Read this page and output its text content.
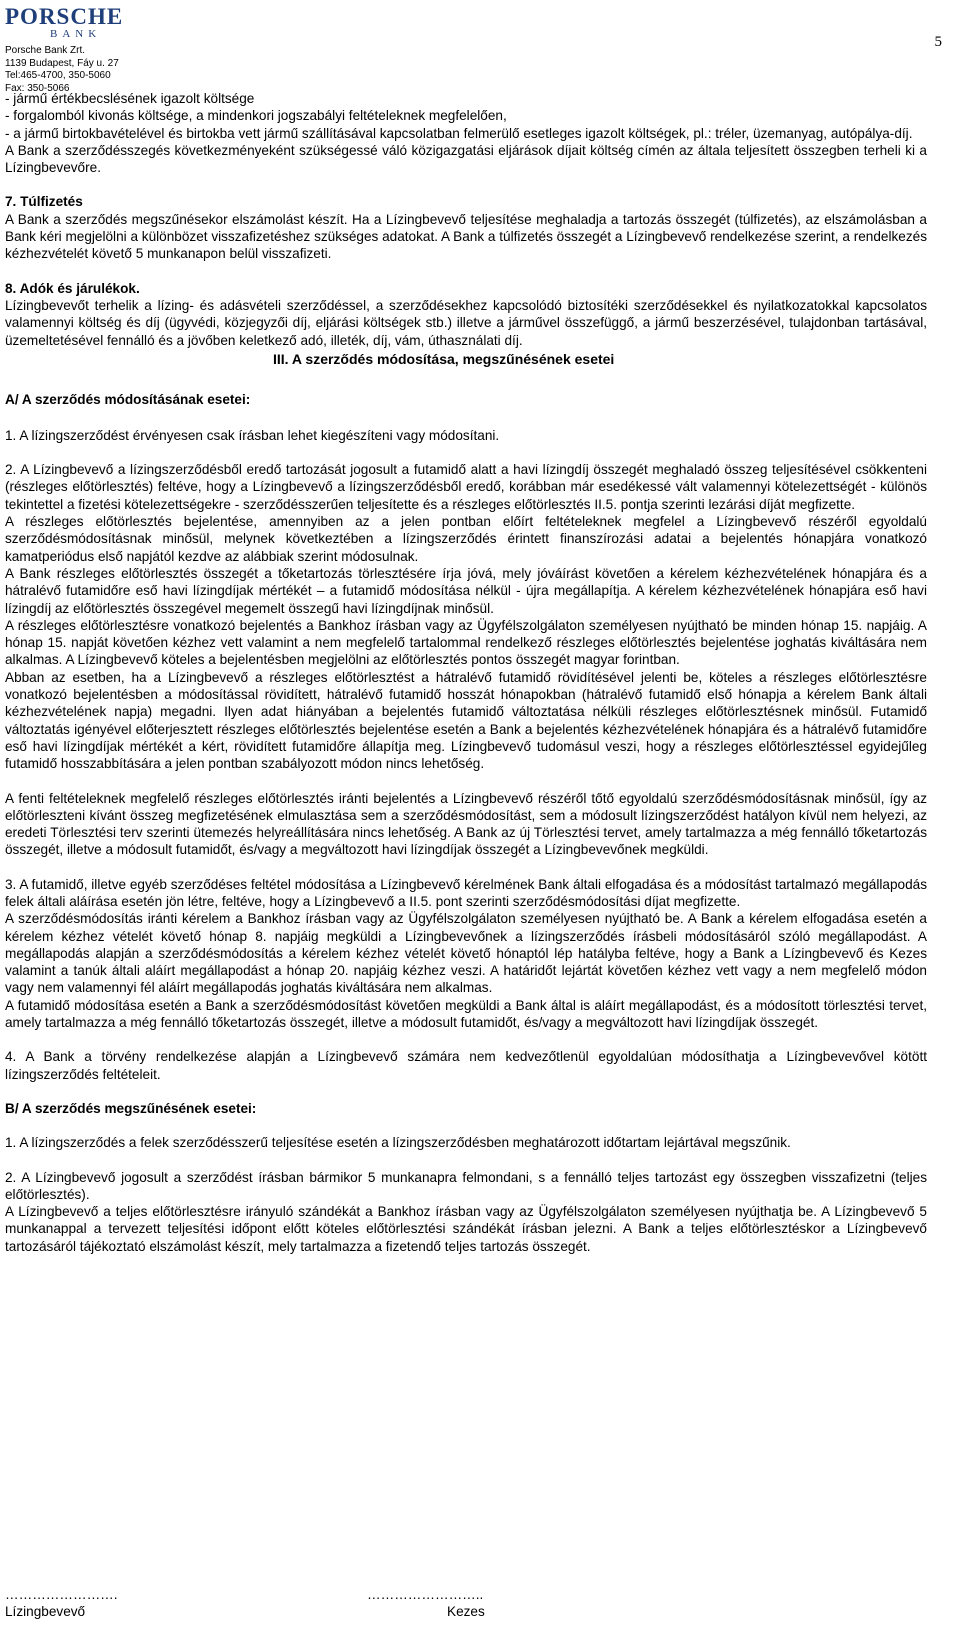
PORSCHE
BANK
Porsche Bank Zrt.
1139 Budapest, Fáy u. 27
Tel:465-4700, 350-5060
Fax: 350-5066
5

- jármű értékbecslésének igazolt költsége

- forgalomból kivonás költsége, a mindenkori jogszabályi feltételeknek megfelelően,

- a jármű birtokbavételével és birtokba vett jármű szállításával kapcsolatban felmerülő esetleges igazolt költségek, pl.: tréler, üzemanyag, autópálya-díj.

A Bank a szerződésszegés következményeként szükségessé váló közigazgatási eljárások díjait költség címén az általa teljesített összegben terheli ki a Lízingbevevőre.

7. Túlfizetés

A Bank a szerződés megszűnésekor elszámolást készít. Ha a Lízingbevevő teljesítése meghaladja a tartozás összegét (túlfizetés), az elszámolásban a Bank kéri megjelölni a különbözet visszafizetéshez szükséges adatokat. A Bank a túlfizetés összegét a Lízingbevevő rendelkezése szerint, a rendelkezés kézhezvételét követő 5 munkanapon belül visszafizeti.

8. Adók és járulékok.

Lízingbevevőt terhelik a lízing- és adásvételi szerződéssel, a szerződésekhez kapcsolódó biztosítéki szerződésekkel és nyilatkozatokkal kapcsolatos valamennyi költség és díj (ügyvédi, közjegyzői díj, eljárási költségek stb.) illetve a járművel összefüggő, a jármű beszerzésével, tulajdonban tartásával, üzemeltetésével fennálló és a jövőben keletkező adó, illeték, díj, vám, úthasználati díj.

III. A szerződés módosítása, megszűnésének esetei
A/ A szerződés módosításának esetei:

1. A lízingszerződést érvényesen csak írásban lehet kiegészíteni vagy módosítani.

2. A Lízingbevevő a lízingszerződésből eredő tartozását jogosult a futamidő alatt a havi lízingdíj összegét meghaladó összeg teljesítésével csökkenteni (részleges előtörlesztés) feltéve, hogy a Lízingbevevő a lízingszerződésből eredő, korábban már esedékessé vált valamennyi kötelezettségét - különös tekintettel a fizetési kötelezettségekre - szerződésszerűen teljesítette és a részleges előtörlesztés II.5. pontja szerinti lezárási díját megfizette.

A részleges előtörlesztés bejelentése, amennyiben az a jelen pontban előírt feltételeknek megfelel a Lízingbevevő részéről egyoldalú szerződésmódosításnak minősül, melynek következtében a lízingszerződés érintett finanszírozási adatai a bejelentés hónapjára vonatkozó kamatperiódus első napjától kezdve az alábbiak szerint módosulnak.

A Bank részleges előtörlesztés összegét a tőketartozás törlesztésére írja jóvá, mely jóváírást követően a kérelem kézhezvételének hónapjára és a hátralévő futamidőre eső havi lízingdíjak mértékét – a futamidő módosítása nélkül - újra megállapítja. A kérelem kézhezvételének hónapjára eső havi lízingdíj az előtörlesztés összegével megemelt összegű havi lízingdíjnak minősül.

A részleges előtörlesztésre vonatkozó bejelentés a Bankhoz írásban vagy az Ügyfélszolgálaton személyesen nyújtható be minden hónap 15. napjáig. A hónap 15. napját követően kézhez vett valamint a nem megfelelő tartalommal rendelkező részleges előtörlesztés bejelentése joghatás kiváltására nem alkalmas. A Lízingbevevő köteles a bejelentésben megjelölni az előtörlesztés pontos összegét magyar forintban.

Abban az esetben, ha a Lízingbevevő a részleges előtörlesztést a hátralévő futamidő rövidítésével jelenti be, köteles a részleges előtörlesztésre vonatkozó bejelentésben a módosítással rövidített, hátralévő futamidő hosszát hónapokban (hátralévő futamidő első hónapja a kérelem Bank általi kézhezvételének napja) megadni. Ilyen adat hiányában a bejelentés futamidő változtatása nélküli részleges előtörlesztésnek minősül. Futamidő változtatás igényével előterjesztett részleges előtörlesztés bejelentése esetén a Bank a bejelentés kézhezvételének hónapjára és a hátralévő futamidőre eső havi lízingdíjak mértékét a kért, rövidített futamidőre állapítja meg. Lízingbevevő tudomásul veszi, hogy a részleges előtörlesztéssel egyidejűleg futamidő hosszabbítására a jelen pontban szabályozott módon nincs lehetőség.

A fenti feltételeknek megfelelő részleges előtörlesztés iránti bejelentés a Lízingbevevő részéről tőtő egyoldalú szerződésmódosításnak minősül, így az előtörleszteni kívánt összeg megfizetésének elmulasztása sem a szerződésmódosítást, sem a módosult lízingszerződést hatályon kívül nem helyezi, az eredeti Törlesztési terv szerinti ütemezés helyreállítására nincs lehetőség. A Bank az új Törlesztési tervet, amely tartalmazza a még fennálló tőketartozás összegét, illetve a módosult futamidőt, és/vagy a megváltozott havi lízingdíjak összegét a Lízingbevevőnek megküldi.

3. A futamidő, illetve egyéb szerződéses feltétel módosítása a Lízingbevevő kérelmének Bank általi elfogadása és a módosítást tartalmazó megállapodás felek általi aláírása esetén jön létre, feltéve, hogy a Lízingbevevő a II.5. pont szerinti szerződésmódosítási díjat megfizette.

A szerződésmódosítás iránti kérelem a Bankhoz írásban vagy az Ügyfélszolgálaton személyesen nyújtható be. A Bank a kérelem elfogadása esetén a kérelem kézhez vételét követő hónap 8. napjáig megküldi a Lízingbevevőnek a lízingszerződés írásbeli módosításáról szóló megállapodást. A megállapodás alapján a szerződésmódosítás a kérelem kézhez vételét követő hónaptól lép hatályba feltéve, hogy a Bank a Lízingbevevő és Kezes valamint a tanúk általi aláírt megállapodást a hónap 20. napjáig kézhez veszi. A határidőt lejártát követően kézhez vett vagy a nem megfelelő módon vagy nem valamennyi fél aláírt megállapodás joghatás kiváltására nem alkalmas.

A futamidő módosítása esetén a Bank a szerződésmódosítást követően megküldi a Bank által is aláírt megállapodást, és a módosított törlesztési tervet, amely tartalmazza a még fennálló tőketartozás összegét, illetve a módosult futamidőt, és/vagy a megváltozott havi lízingdíjak összegét.

4. A Bank a törvény rendelkezése alapján a Lízingbevevő számára nem kedvezőtlenül egyoldalúan módosíthatja a Lízingbevevővel kötött lízingszerződés feltételeit.

B/ A szerződés megszűnésének esetei:

1. A lízingszerződés a felek szerződésszerű teljesítése esetén a lízingszerződésben meghatározott időtartam lejártával megszűnik.

2. A Lízingbevevő jogosult a szerződést írásban bármikor 5 munkanapra felmondani, s a fennálló teljes tartozást egy összegben visszafizetni (teljes előtörlesztés).

A Lízingbevevő a teljes előtörlesztésre irányuló szándékát a Bankhoz írásban vagy az Ügyfélszolgálaton személyesen nyújthatja be. A Lízingbevevő 5 munkanappal a tervezett teljesítési időpont előtt köteles előtörlesztési szándékát írásban jelezni. A Bank a teljes előtörlesztéskor a Lízingbevevő tartozásáról tájékoztató elszámolást készít, mely tartalmazza a fizetendő teljes tartozás összegét.

…………………….
Lízingbevevő
……………………..
Kezes
